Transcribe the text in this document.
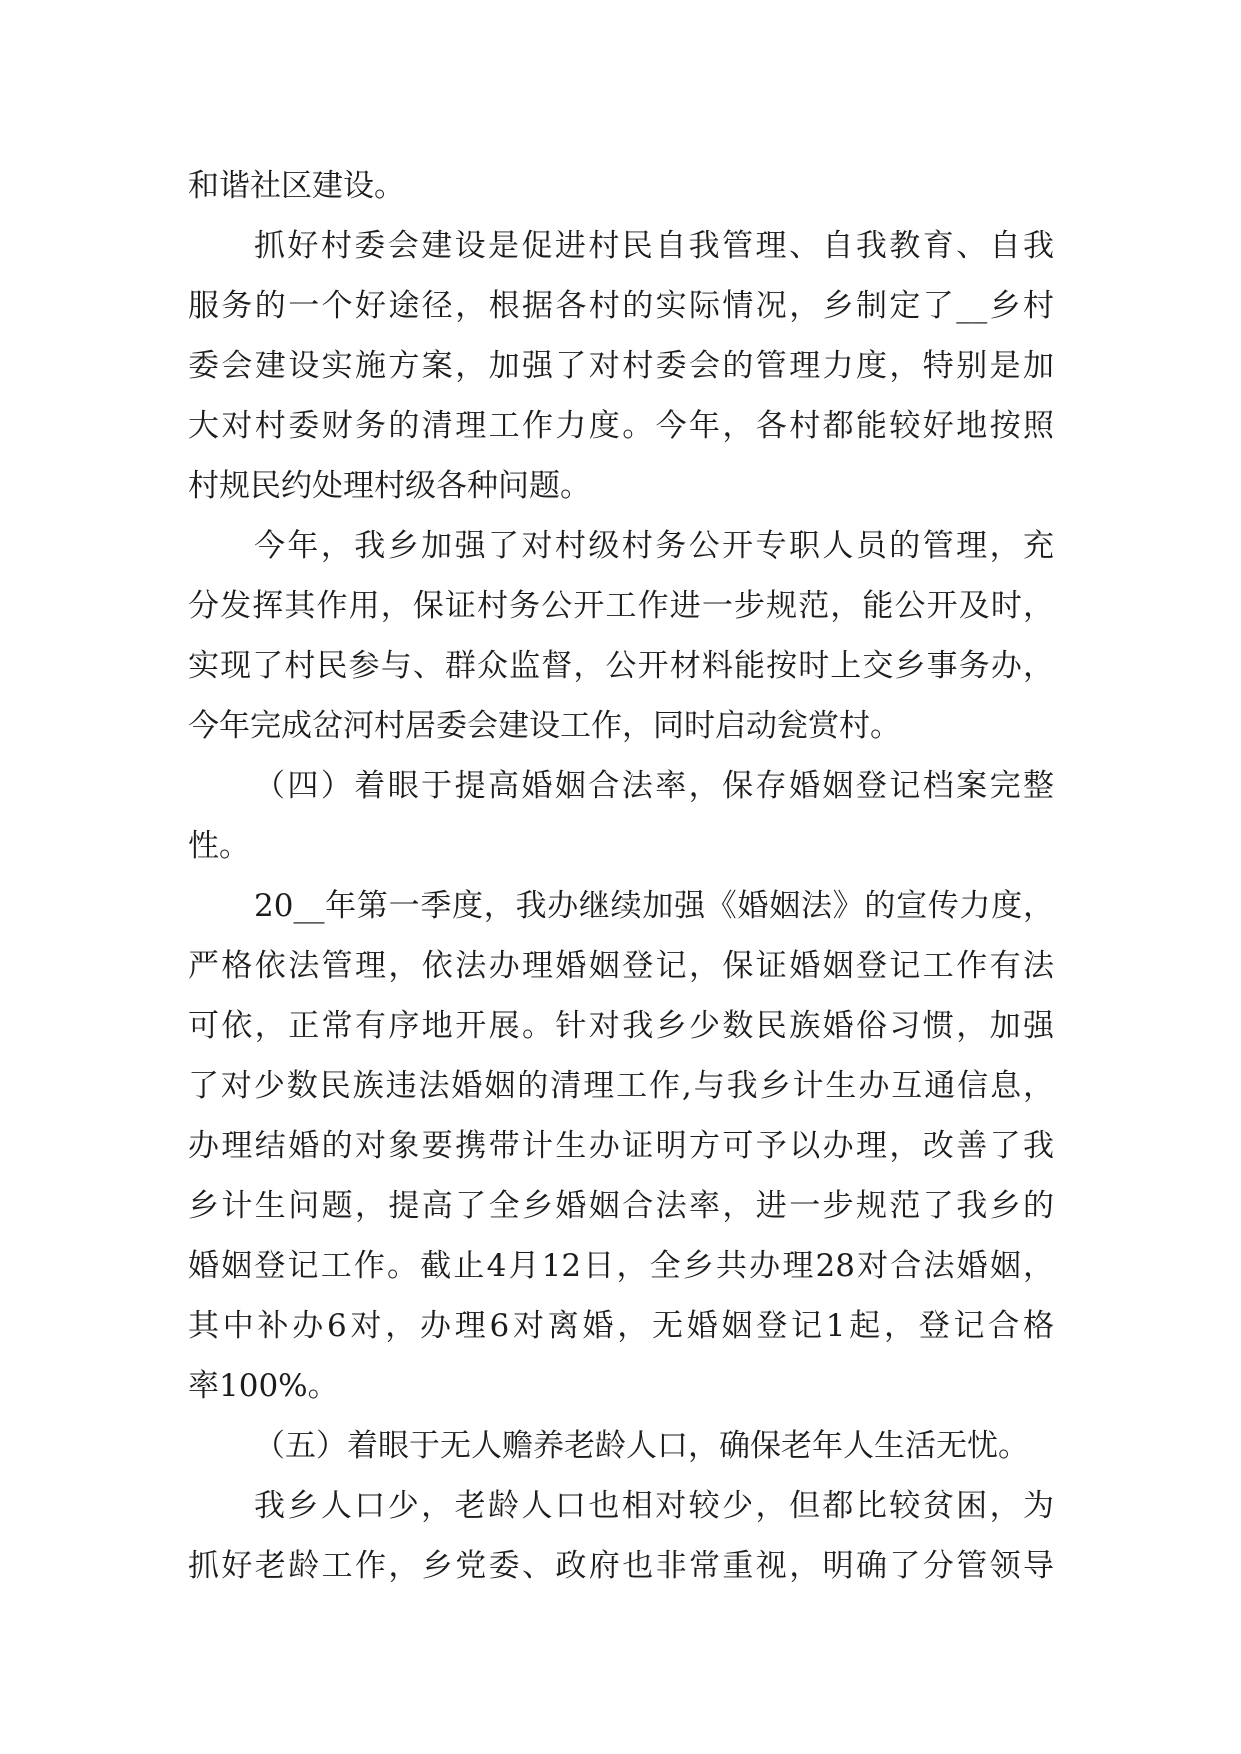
和谐社区建设。
抓好村委会建设是促进村民自我管理、自我教育、自我
服务的一个好途径，根据各村的实际情况，乡制定了__乡村
委会建设实施方案，加强了对村委会的管理力度，特别是加
大对村委财务的清理工作力度。今年，各村都能较好地按照
村规民约处理村级各种问题。
今年，我乡加强了对村级村务公开专职人员的管理，充
分发挥其作用，保证村务公开工作进一步规范，能公开及时，
实现了村民参与、群众监督，公开材料能按时上交乡事务办，
今年完成岔河村居委会建设工作，同时启动瓮赏村。
（四）着眼于提高婚姻合法率，保存婚姻登记档案完整
性。
20__年第一季度，我办继续加强《婚姻法》的宣传力度，
严格依法管理，依法办理婚姻登记，保证婚姻登记工作有法
可依，正常有序地开展。针对我乡少数民族婚俗习惯，加强
了对少数民族违法婚姻的清理工作,与我乡计生办互通信息，
办理结婚的对象要携带计生办证明方可予以办理，改善了我
乡计生问题，提高了全乡婚姻合法率，进一步规范了我乡的
婚姻登记工作。截止4月12日，全乡共办理28对合法婚姻，
其中补办6对，办理6对离婚，无婚姻登记1起，登记合格
率100%。
（五）着眼于无人赡养老龄人口，确保老年人生活无忧。
我乡人口少，老龄人口也相对较少，但都比较贫困，为
抓好老龄工作，乡党委、政府也非常重视，明确了分管领导
